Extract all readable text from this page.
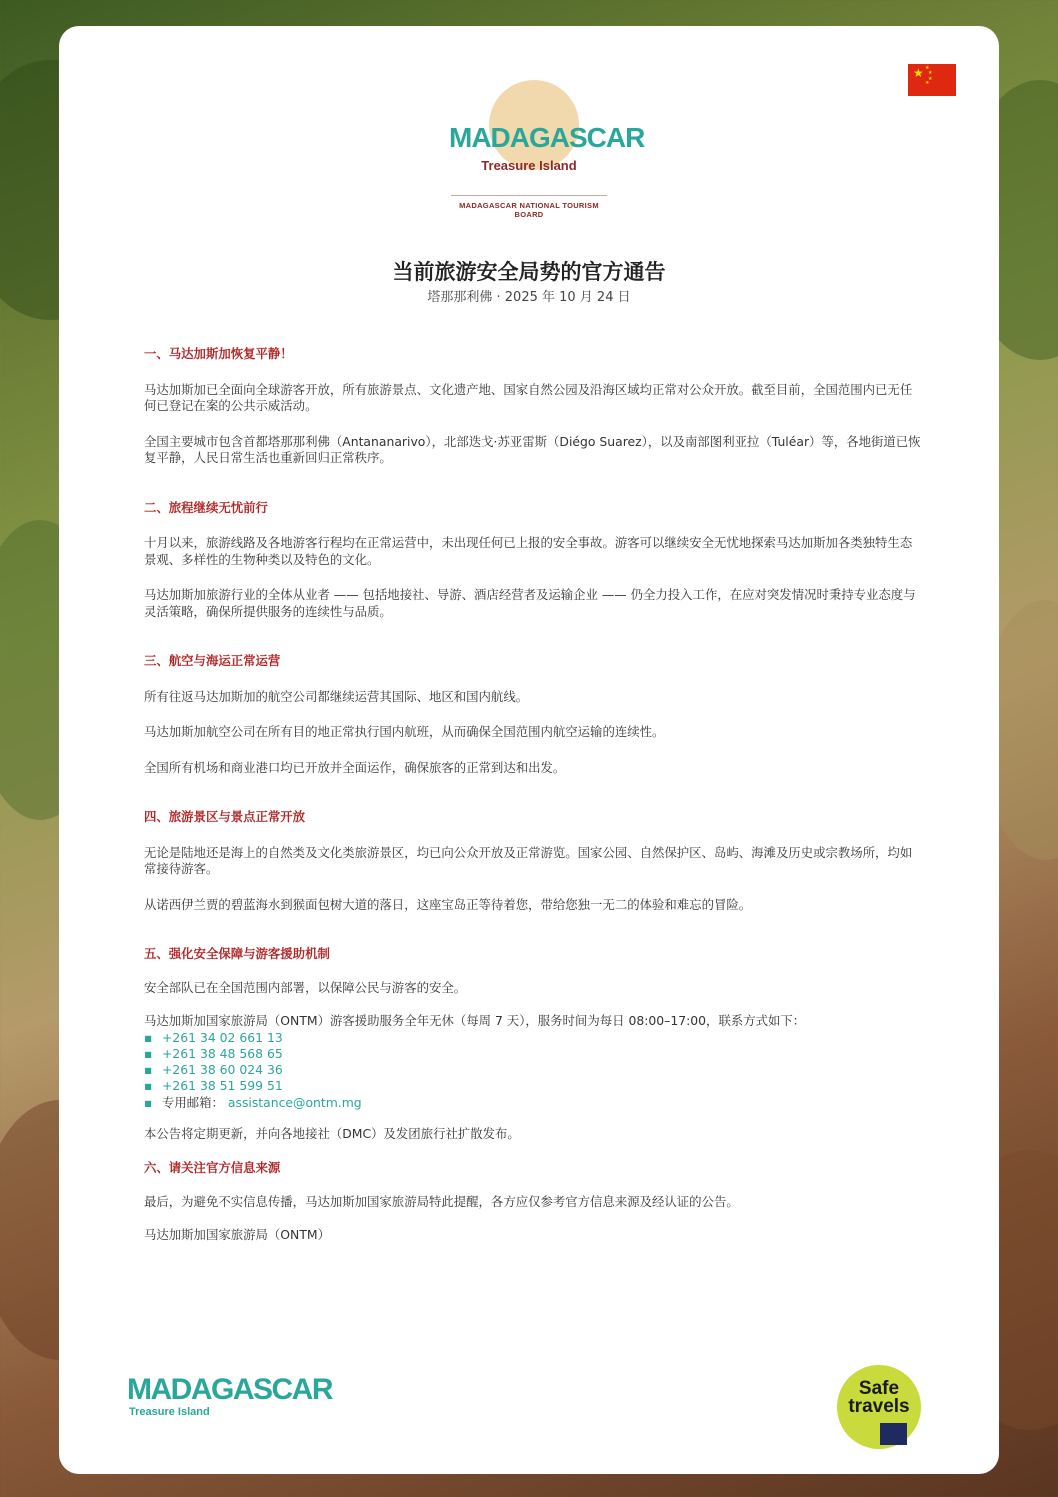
★ ★
★
★
★
MADAGASCAR
Treasure Island
MADAGASCAR NATIONAL TOURISM BOARD
当前旅游安全局势的官方通告
塔那那利佛 · 2025 年 10 月 24 日
一、马达加斯加恢复平静！

马达加斯加已全面向全球游客开放，所有旅游景点、文化遗产地、国家自然公园及沿海区域均正常对公众开放。截至目前，全国范围内已无任何已登记在案的公共示威活动。

全国主要城市包含首都塔那那利佛（Antananarivo），北部迭戈·苏亚雷斯（Diégo Suarez），以及南部图利亚拉（Tuléar）等，各地街道已恢复平静，人民日常生活也重新回归正常秩序。

二、旅程继续无忧前行

十月以来，旅游线路及各地游客行程均在正常运营中，未出现任何已上报的安全事故。游客可以继续安全无忧地探索马达加斯加各类独特生态景观、多样性的生物种类以及特色的文化。

马达加斯加旅游行业的全体从业者 —— 包括地接社、导游、酒店经营者及运输企业 —— 仍全力投入工作，在应对突发情况时秉持专业态度与灵活策略，确保所提供服务的连续性与品质。

三、航空与海运正常运营

所有往返马达加斯加的航空公司都继续运营其国际、地区和国内航线。

马达加斯加航空公司在所有目的地正常执行国内航班，从而确保全国范围内航空运输的连续性。

全国所有机场和商业港口均已开放并全面运作，确保旅客的正常到达和出发。

四、旅游景区与景点正常开放

无论是陆地还是海上的自然类及文化类旅游景区，均已向公众开放及正常游览。国家公园、自然保护区、岛屿、海滩及历史或宗教场所，均如常接待游客。

从诺西伊兰贾的碧蓝海水到猴面包树大道的落日，这座宝岛正等待着您，带给您独一无二的体验和难忘的冒险。

五、强化安全保障与游客援助机制

安全部队已在全国范围内部署，以保障公民与游客的安全。

马达加斯加国家旅游局（ONTM）游客援助服务全年无休（每周 7 天），服务时间为每日 08:00–17:00，联系方式如下：

▪ +261 34 02 661 13
▪ +261 38 48 568 65
▪ +261 38 60 024 36
▪ +261 38 51 599 51
▪ 专用邮箱： assistance@ontm.mg

本公告将定期更新，并向各地接社（DMC）及发团旅行社扩散发布。

六、请关注官方信息来源

最后，为避免不实信息传播，马达加斯加国家旅游局特此提醒，各方应仅参考官方信息来源及经认证的公告。

马达加斯加国家旅游局（ONTM）

MADAGASCAR
Treasure Island
Safe
travels
